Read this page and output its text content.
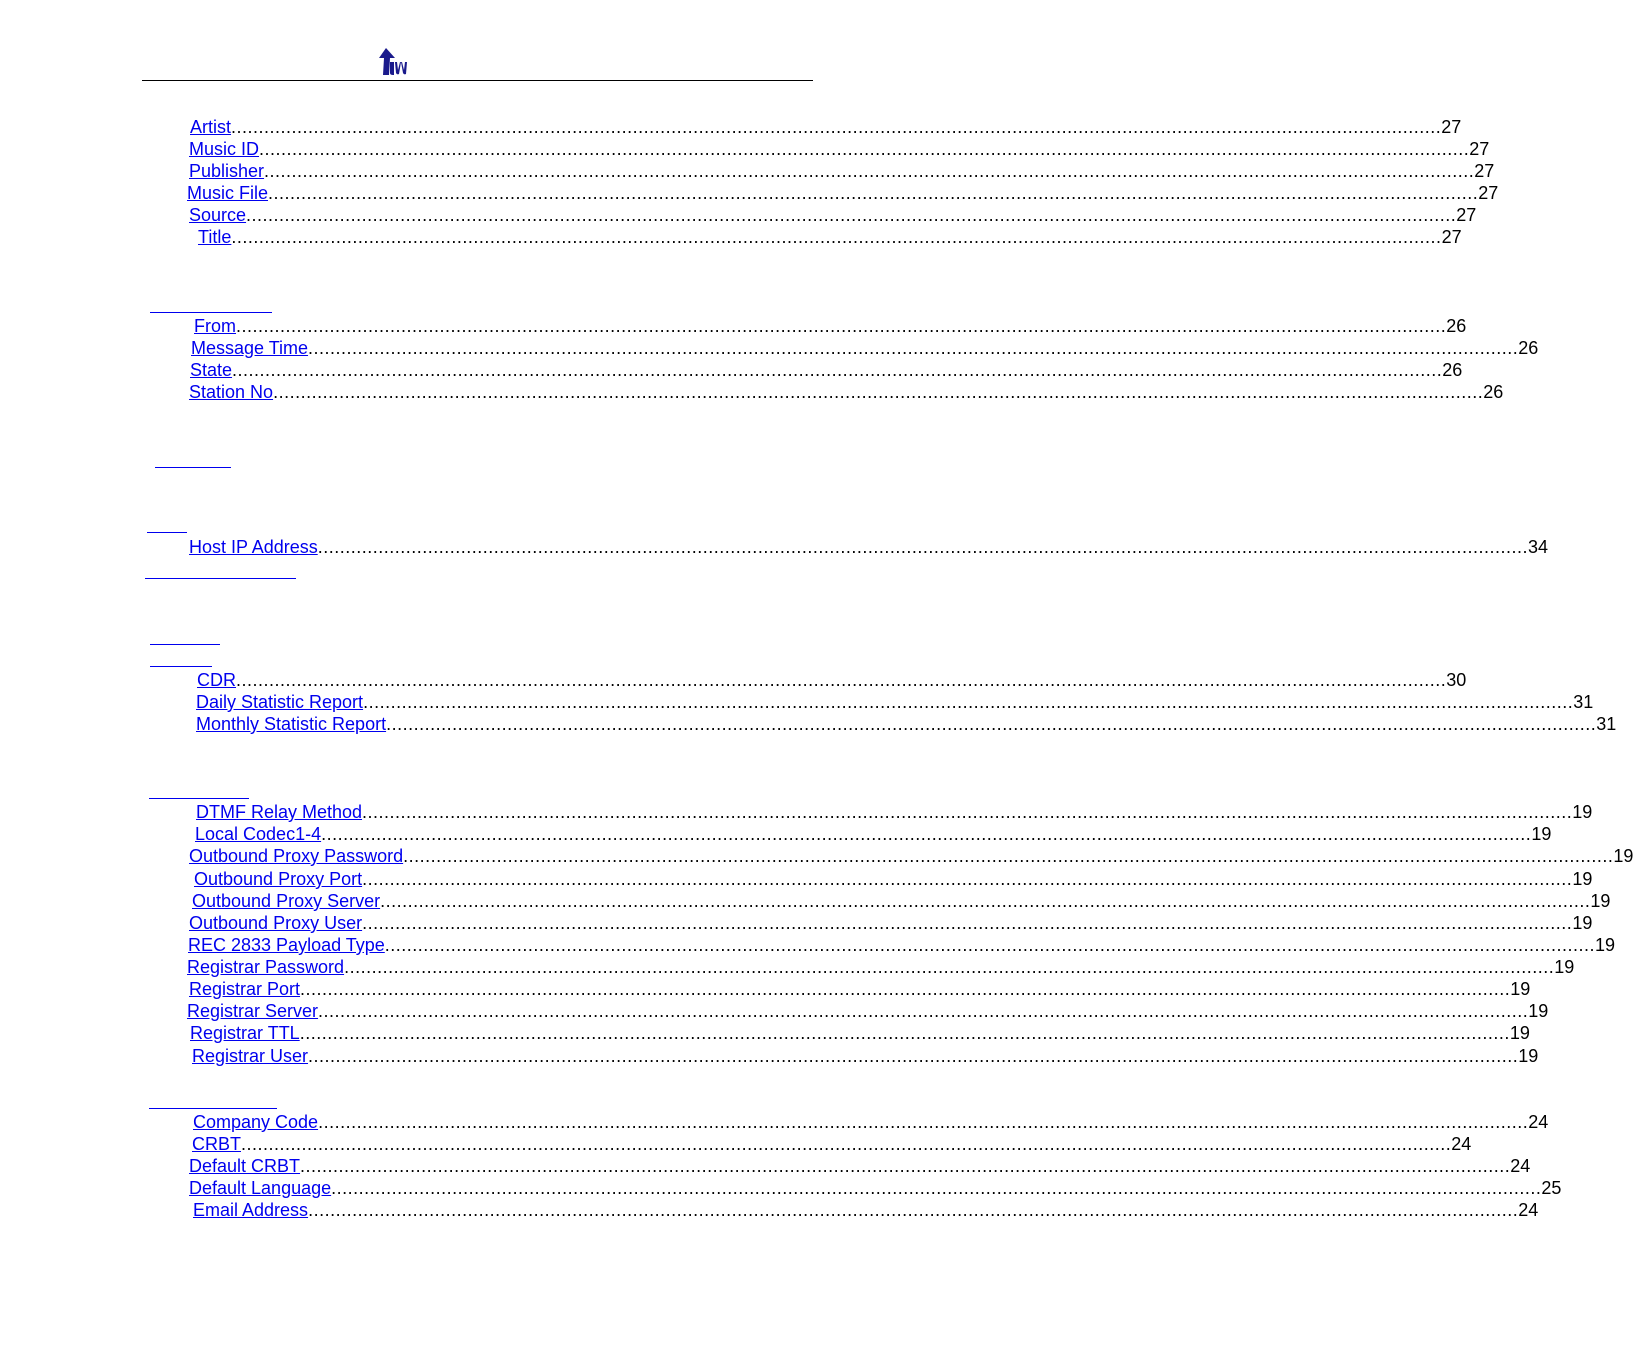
Artist ............................................................................................................................................................................................................................ 27
Music ID ............................................................................................................................................................................................................................ 27
Publisher ............................................................................................................................................................................................................................ 27
Music File ............................................................................................................................................................................................................................ 27
Source ............................................................................................................................................................................................................................ 27
Title ............................................................................................................................................................................................................................ 27
From ............................................................................................................................................................................................................................ 26
Message Time ............................................................................................................................................................................................................................ 26
State ............................................................................................................................................................................................................................ 26
Station No ............................................................................................................................................................................................................................ 26
Host IP Address ............................................................................................................................................................................................................................ 34
CDR ............................................................................................................................................................................................................................ 30
Daily Statistic Report ............................................................................................................................................................................................................................ 31
Monthly Statistic Report ............................................................................................................................................................................................................................ 31
DTMF Relay Method ............................................................................................................................................................................................................................ 19
Local Codec1-4 ............................................................................................................................................................................................................................ 19
Outbound Proxy Password ............................................................................................................................................................................................................................ 19
Outbound Proxy Port ............................................................................................................................................................................................................................ 19
Outbound Proxy Server ............................................................................................................................................................................................................................ 19
Outbound Proxy User ............................................................................................................................................................................................................................ 19
REC 2833 Payload Type ............................................................................................................................................................................................................................ 19
Registrar Password ............................................................................................................................................................................................................................ 19
Registrar Port ............................................................................................................................................................................................................................ 19
Registrar Server ............................................................................................................................................................................................................................ 19
Registrar TTL ............................................................................................................................................................................................................................ 19
Registrar User ............................................................................................................................................................................................................................ 19
Company Code ............................................................................................................................................................................................................................ 24
CRBT ............................................................................................................................................................................................................................ 24
Default CRBT ............................................................................................................................................................................................................................ 24
Default Language ............................................................................................................................................................................................................................ 25
Email Address ............................................................................................................................................................................................................................ 24
